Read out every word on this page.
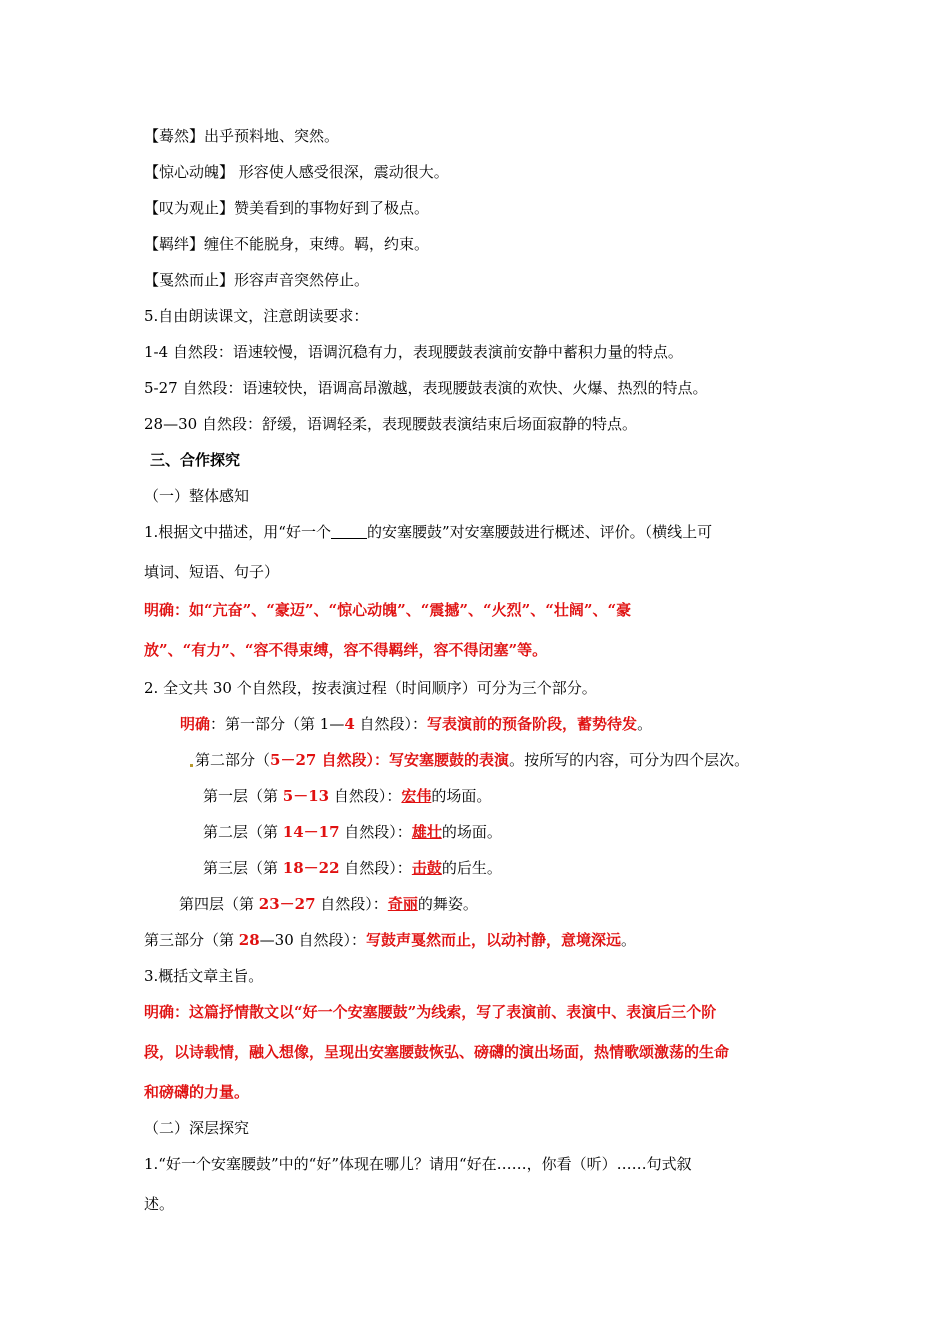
【蓦然】出乎预料地、突然。
【惊心动魄】 形容使人感受很深，震动很大。
【叹为观止】赞美看到的事物好到了极点。
【羁绊】缠住不能脱身，束缚。羁，约束。
【戛然而止】形容声音突然停止。
5.自由朗读课文，注意朗读要求：
1-4 自然段：语速较慢，语调沉稳有力，表现腰鼓表演前安静中蓄积力量的特点。
5-27 自然段：语速较快，语调高昂激越，表现腰鼓表演的欢快、火爆、热烈的特点。
28—30 自然段：舒缓，语调轻柔，表现腰鼓表演结束后场面寂静的特点。
三、合作探究
（一）整体感知
1.根据文中描述，用“好一个 的安塞腰鼓”对安塞腰鼓进行概述、评价。（横线上可
填词、短语、句子）
明确：如“亢奋”、“豪迈”、“惊心动魄”、“震撼”、“火烈”、“壮阔”、“豪
放”、“有力”、“容不得束缚，容不得羁绊，容不得闭塞”等。
2. 全文共 30 个自然段，按表演过程（时间顺序）可分为三个部分。
明确：第一部分（第 1—4 自然段）：写表演前的预备阶段，蓄势待发。
第二部分（5－27 自然段）：写安塞腰鼓的表演。按所写的内容，可分为四个层次。
第一层（第 5－13 自然段）：宏伟的场面。
第二层（第 14－17 自然段）：雄壮的场面。
第三层（第 18－22 自然段）：击鼓的后生。
第四层（第 23－27 自然段）：奇丽的舞姿。
第三部分（第 28—30 自然段）：写鼓声戛然而止，以动衬静，意境深远。
3.概括文章主旨。
明确：这篇抒情散文以“好一个安塞腰鼓”为线索，写了表演前、表演中、表演后三个阶
段，以诗载情，融入想像，呈现出安塞腰鼓恢弘、磅礴的演出场面，热情歌颂激荡的生命
和磅礴的力量。
（二）深层探究
1.“好一个安塞腰鼓”中的“好”体现在哪儿？请用“好在……，你看（听）……句式叙
述。
